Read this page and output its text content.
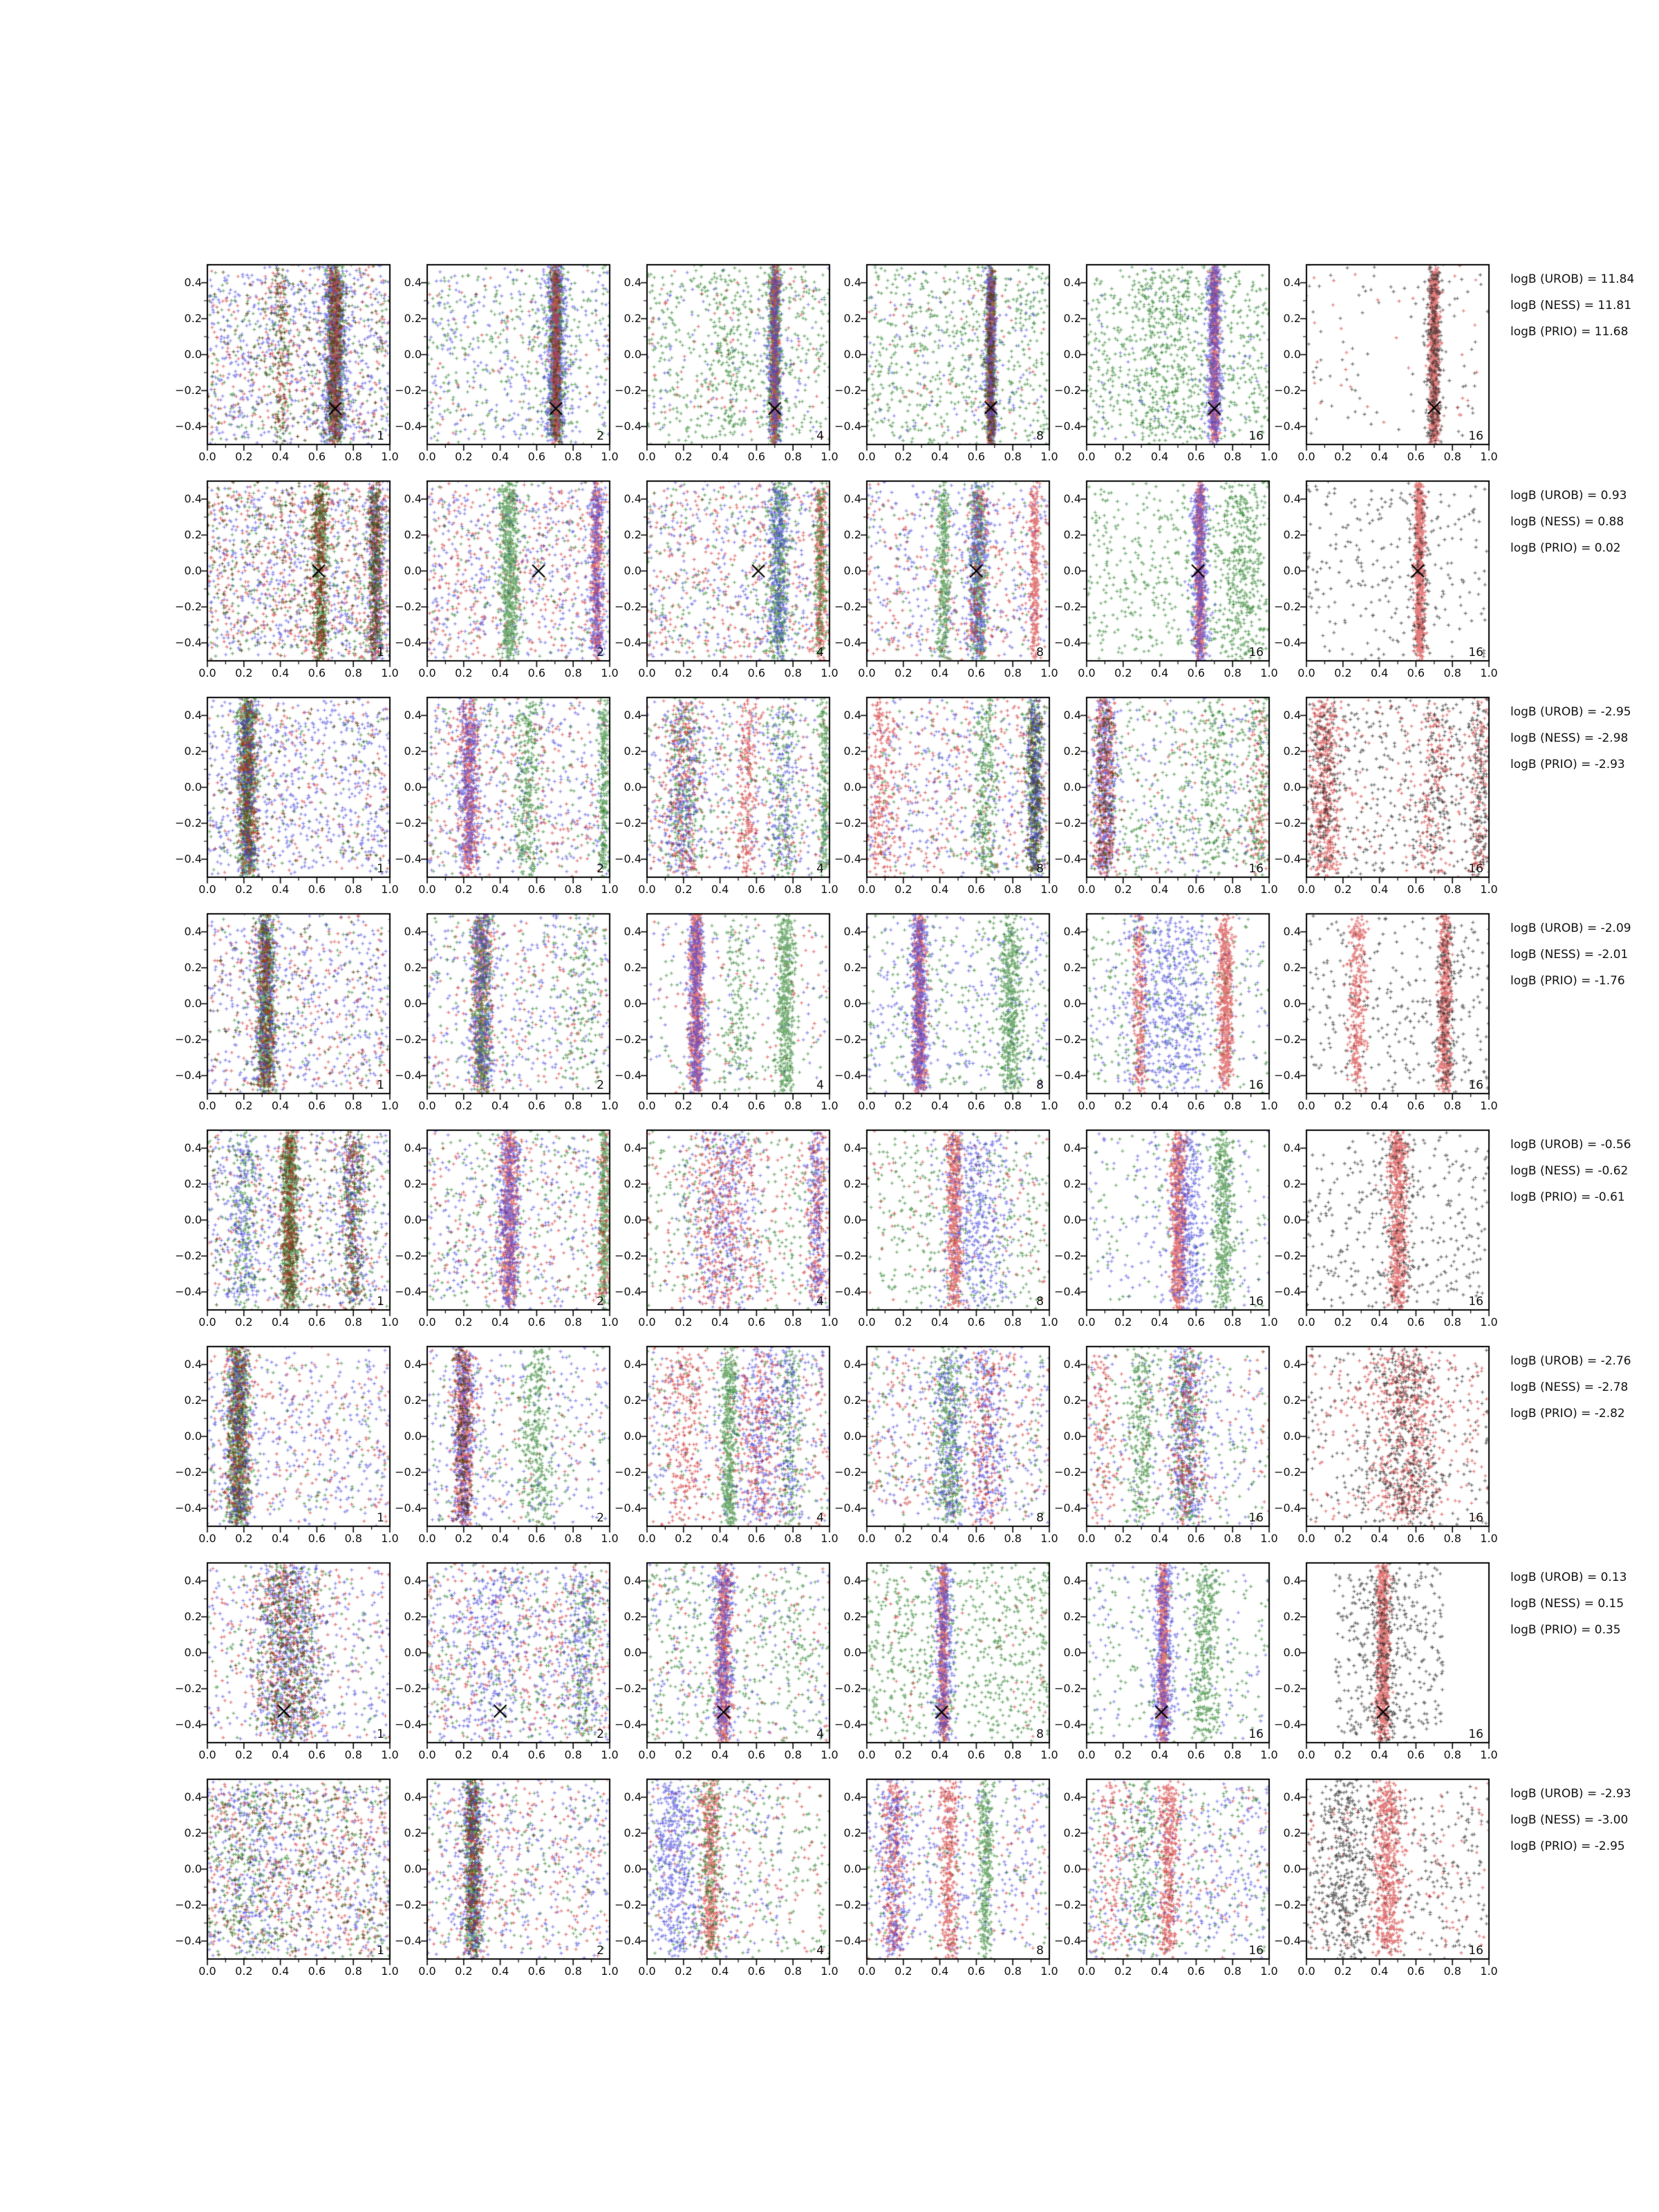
1
0.0	0.2	0.4	0.6	0.8	1.0
0.4
0.2
0.0
−0.2
−0.4
2
0.0	0.2	0.4	0.6	0.8	1.0
0.4
0.2
0.0
−0.2
−0.4
4
0.0	0.2	0.4	0.6	0.8	1.0
0.4
0.2
0.0
−0.2
−0.4
8
0.0	0.2	0.4	0.6	0.8	1.0
0.4
0.2
0.0
−0.2
−0.4
16
0.0	0.2	0.4	0.6	0.8	1.0
0.4
0.2
0.0
−0.2
−0.4
16
0.0	0.2	0.4	0.6	0.8	1.0
0.4
0.2
0.0
−0.2
−0.4
logB (UROB) = 11.84
logB (NESS) = 11.81
logB (PRIO) = 11.68
1
0.0	0.2	0.4	0.6	0.8	1.0
0.4
0.2
0.0
−0.2
−0.4
2
0.0	0.2	0.4	0.6	0.8	1.0
0.4
0.2
0.0
−0.2
−0.4
4
0.0	0.2	0.4	0.6	0.8	1.0
0.4
0.2
0.0
−0.2
−0.4
8
0.0	0.2	0.4	0.6	0.8	1.0
0.4
0.2
0.0
−0.2
−0.4
16
0.0	0.2	0.4	0.6	0.8	1.0
0.4
0.2
0.0
−0.2
−0.4
16
0.0	0.2	0.4	0.6	0.8	1.0
0.4
0.2
0.0
−0.2
−0.4
logB (UROB) = 0.93
logB (NESS) = 0.88
logB (PRIO) = 0.02
1
0.0	0.2	0.4	0.6	0.8	1.0
0.4
0.2
0.0
−0.2
−0.4
2
0.0	0.2	0.4	0.6	0.8	1.0
0.4
0.2
0.0
−0.2
−0.4
4
0.0	0.2	0.4	0.6	0.8	1.0
0.4
0.2
0.0
−0.2
−0.4
8
0.0	0.2	0.4	0.6	0.8	1.0
0.4
0.2
0.0
−0.2
−0.4
16
0.0	0.2	0.4	0.6	0.8	1.0
0.4
0.2
0.0
−0.2
−0.4
16
0.0	0.2	0.4	0.6	0.8	1.0
0.4
0.2
0.0
−0.2
−0.4
logB (UROB) = -2.95
logB (NESS) = -2.98
logB (PRIO) = -2.93
1
0.0	0.2	0.4	0.6	0.8	1.0
0.4
0.2
0.0
−0.2
−0.4
2
0.0	0.2	0.4	0.6	0.8	1.0
0.4
0.2
0.0
−0.2
−0.4
4
0.0	0.2	0.4	0.6	0.8	1.0
0.4
0.2
0.0
−0.2
−0.4
8
0.0	0.2	0.4	0.6	0.8	1.0
0.4
0.2
0.0
−0.2
−0.4
16
0.0	0.2	0.4	0.6	0.8	1.0
0.4
0.2
0.0
−0.2
−0.4
16
0.0	0.2	0.4	0.6	0.8	1.0
0.4
0.2
0.0
−0.2
−0.4
logB (UROB) = -2.09
logB (NESS) = -2.01
logB (PRIO) = -1.76
1
0.0	0.2	0.4	0.6	0.8	1.0
0.4
0.2
0.0
−0.2
−0.4
2
0.0	0.2	0.4	0.6	0.8	1.0
0.4
0.2
0.0
−0.2
−0.4
4
0.0	0.2	0.4	0.6	0.8	1.0
0.4
0.2
0.0
−0.2
−0.4
8
0.0	0.2	0.4	0.6	0.8	1.0
0.4
0.2
0.0
−0.2
−0.4
16
0.0	0.2	0.4	0.6	0.8	1.0
0.4
0.2
0.0
−0.2
−0.4
16
0.0	0.2	0.4	0.6	0.8	1.0
0.4
0.2
0.0
−0.2
−0.4
logB (UROB) = -0.56
logB (NESS) = -0.62
logB (PRIO) = -0.61
1
0.0	0.2	0.4	0.6	0.8	1.0
0.4
0.2
0.0
−0.2
−0.4
2
0.0	0.2	0.4	0.6	0.8	1.0
0.4
0.2
0.0
−0.2
−0.4
4
0.0	0.2	0.4	0.6	0.8	1.0
0.4
0.2
0.0
−0.2
−0.4
8
0.0	0.2	0.4	0.6	0.8	1.0
0.4
0.2
0.0
−0.2
−0.4
16
0.0	0.2	0.4	0.6	0.8	1.0
0.4
0.2
0.0
−0.2
−0.4
16
0.0	0.2	0.4	0.6	0.8	1.0
0.4
0.2
0.0
−0.2
−0.4
logB (UROB) = -2.76
logB (NESS) = -2.78
logB (PRIO) = -2.82
1
0.0	0.2	0.4	0.6	0.8	1.0
0.4
0.2
0.0
−0.2
−0.4
2
0.0	0.2	0.4	0.6	0.8	1.0
0.4
0.2
0.0
−0.2
−0.4
4
0.0	0.2	0.4	0.6	0.8	1.0
0.4
0.2
0.0
−0.2
−0.4
8
0.0	0.2	0.4	0.6	0.8	1.0
0.4
0.2
0.0
−0.2
−0.4
16
0.0	0.2	0.4	0.6	0.8	1.0
0.4
0.2
0.0
−0.2
−0.4
16
0.0	0.2	0.4	0.6	0.8	1.0
0.4
0.2
0.0
−0.2
−0.4
logB (UROB) = 0.13
logB (NESS) = 0.15
logB (PRIO) = 0.35
1
0.0	0.2	0.4	0.6	0.8	1.0
0.4
0.2
0.0
−0.2
−0.4
2
0.0	0.2	0.4	0.6	0.8	1.0
0.4
0.2
0.0
−0.2
−0.4
4
0.0	0.2	0.4	0.6	0.8	1.0
0.4
0.2
0.0
−0.2
−0.4
8
0.0	0.2	0.4	0.6	0.8	1.0
0.4
0.2
0.0
−0.2
−0.4
16
0.0	0.2	0.4	0.6	0.8	1.0
0.4
0.2
0.0
−0.2
−0.4
16
0.0	0.2	0.4	0.6	0.8	1.0
0.4
0.2
0.0
−0.2
−0.4
logB (UROB) = -2.93
logB (NESS) = -3.00
logB (PRIO) = -2.95
